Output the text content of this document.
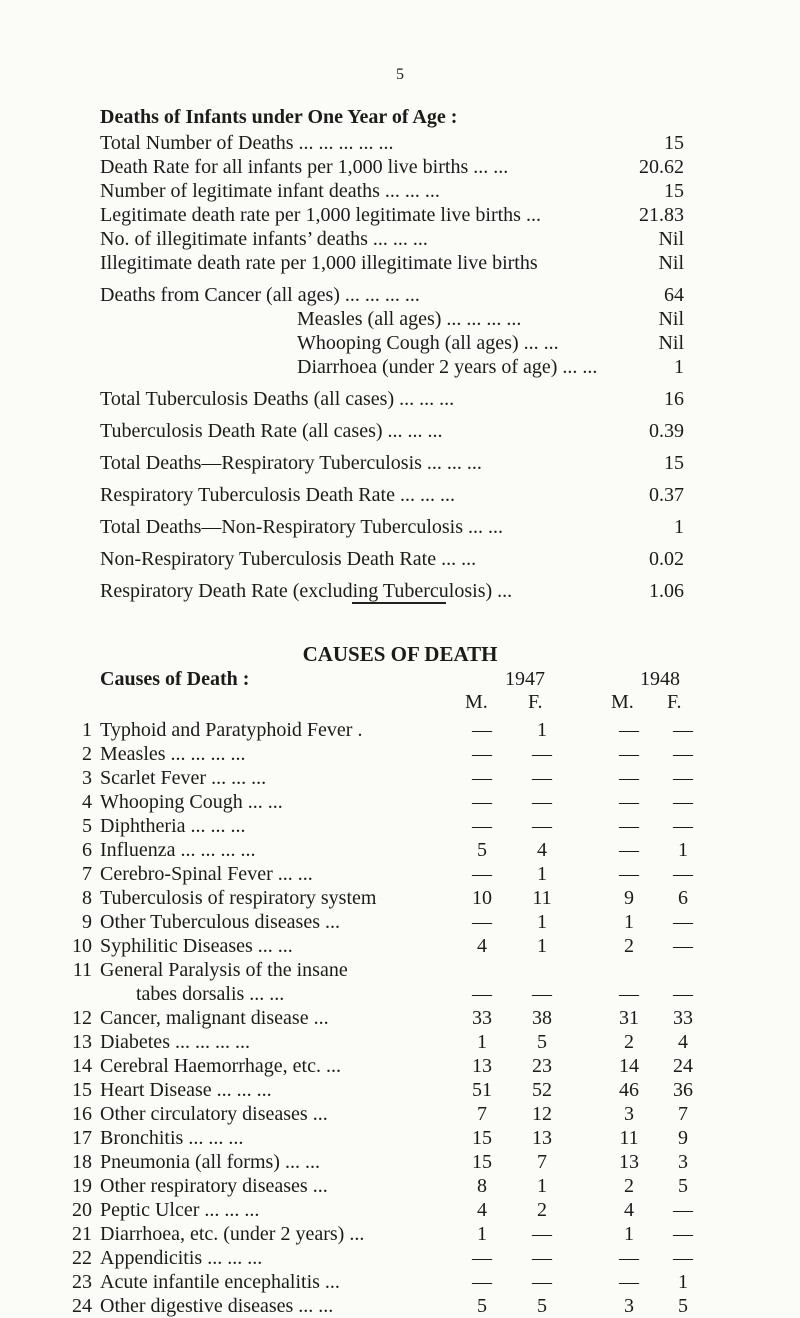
5
Deaths of Infants under One Year of Age :
Total Number of Deaths ... ... ... ... ...	15
Death Rate for all infants per 1,000 live births ... ...	20.62
Number of legitimate infant deaths ... ... ...	15
Legitimate death rate per 1,000 legitimate live births ...	21.83
No. of illegitimate infants’ deaths ... ... ...	Nil
Illegitimate death rate per 1,000 illegitimate live births	Nil
Deaths from Cancer (all ages) ... ... ... ...	64
Measles (all ages) ... ... ... ...	Nil
Whooping Cough (all ages) ... ...	Nil
Diarrhoea (under 2 years of age) ... ...	1
Total Tuberculosis Deaths (all cases) ... ... ...	16
Tuberculosis Death Rate (all cases) ... ... ...	0.39
Total Deaths—Respiratory Tuberculosis ... ... ...	15
Respiratory Tuberculosis Death Rate ... ... ...	0.37
Total Deaths—Non-Respiratory Tuberculosis ... ...	1
Non-Respiratory Tuberculosis Death Rate ... ...	0.02
Respiratory Death Rate (excluding Tuberculosis) ...	1.06
CAUSES OF DEATH
Causes of Death :	1947	1948
M. F.	M. F.
1 Typhoid and Paratyphoid Fever .	—	1	— —
2 Measles ... ... ... ...	— —	— —
3 Scarlet Fever ... ... ...	— —	— —
4 Whooping Cough ... ...	— —	— —
5 Diphtheria ... ... ...	— —	— —
6 Influenza ... ... ... ...	5	4	—	1
7 Cerebro-Spinal Fever ... ...	—	1	— —
8 Tuberculosis of respiratory system	10 11	9	6
9 Other Tuberculous diseases ...	—	1	1	—
10 Syphilitic Diseases ... ...	4	1	2	—
11 General Paralysis of the insane
tabes dorsalis ... ...	— —	— —
12 Cancer, malignant disease ...	33 38	31 33
13 Diabetes ... ... ... ...	1	5	2	4
14 Cerebral Haemorrhage, etc. ...	13 23	14 24
15 Heart Disease ... ... ...	51 52	46 36
16 Other circulatory diseases ...	7	12	3	7
17 Bronchitis ... ... ...	15 13	11	9
18 Pneumonia (all forms) ... ...	15	7	13	3
19 Other respiratory diseases ...	8	1	2	5
20 Peptic Ulcer ... ... ...	4	2	4	—
21 Diarrhoea, etc. (under 2 years) ...	1	—	1	—
22 Appendicitis ... ... ...	— —	— —
23 Acute infantile encephalitis ...	— —	—	1
24 Other digestive diseases ... ...	5	5	3	5
